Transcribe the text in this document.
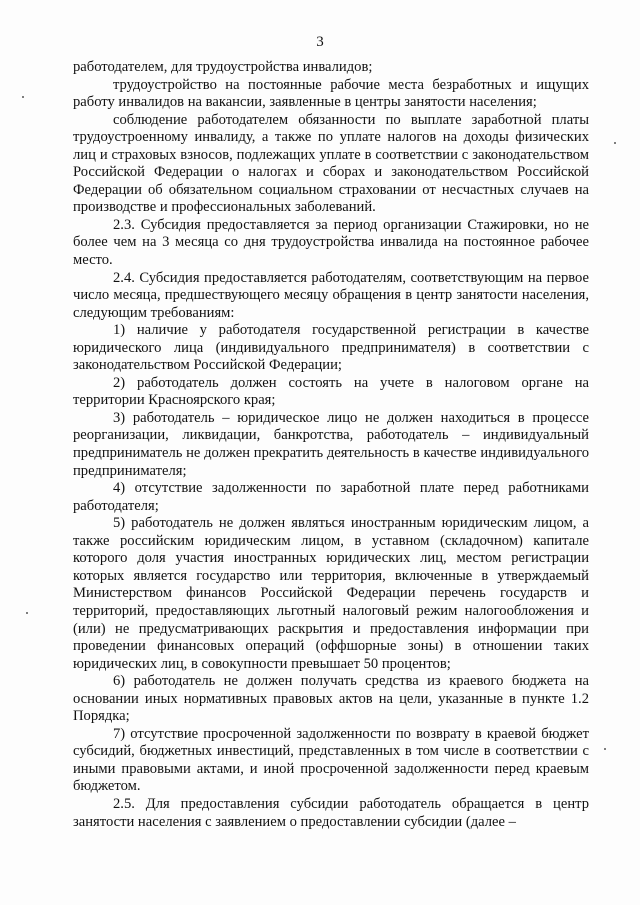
3

работодателем, для трудоустройства инвалидов;

трудоустройство на постоянные рабочие места безработных и ищущих работу инвалидов на вакансии, заявленные в центры занятости населения;

соблюдение работодателем обязанности по выплате заработной платы трудоустроенному инвалиду, а также по уплате налогов на доходы физических лиц и страховых взносов, подлежащих уплате в соответствии с законодательством Российской Федерации о налогах и сборах и законодательством Российской Федерации об обязательном социальном страховании от несчастных случаев на производстве и профессиональных заболеваний.

2.3. Субсидия предоставляется за период организации Стажировки, но не более чем на 3 месяца со дня трудоустройства инвалида на постоянное рабочее место.

2.4. Субсидия предоставляется работодателям, соответствующим на первое число месяца, предшествующего месяцу обращения в центр занятости населения, следующим требованиям:

1) наличие у работодателя государственной регистрации в качестве юридического лица (индивидуального предпринимателя) в соответствии с законодательством Российской Федерации;

2) работодатель должен состоять на учете в налоговом органе на территории Красноярского края;

3) работодатель – юридическое лицо не должен находиться в процессе реорганизации, ликвидации, банкротства, работодатель – индивидуальный предприниматель не должен прекратить деятельность в качестве индивидуального предпринимателя;

4) отсутствие задолженности по заработной плате перед работниками работодателя;

5) работодатель не должен являться иностранным юридическим лицом, а также российским юридическим лицом, в уставном (складочном) капитале которого доля участия иностранных юридических лиц, местом регистрации которых является государство или территория, включенные в утверждаемый Министерством финансов Российской Федерации перечень государств и территорий, предоставляющих льготный налоговый режим налогообложения и (или) не предусматривающих раскрытия и предоставления информации при проведении финансовых операций (оффшорные зоны) в отношении таких юридических лиц, в совокупности превышает 50 процентов;

6) работодатель не должен получать средства из краевого бюджета на основании иных нормативных правовых актов на цели, указанные в пункте 1.2 Порядка;

7) отсутствие просроченной задолженности по возврату в краевой бюджет субсидий, бюджетных инвестиций, представленных в том числе в соответствии с иными правовыми актами, и иной просроченной задолженности перед краевым бюджетом.

2.5. Для предоставления субсидии работодатель обращается в центр занятости населения с заявлением о предоставлении субсидии (далее –
